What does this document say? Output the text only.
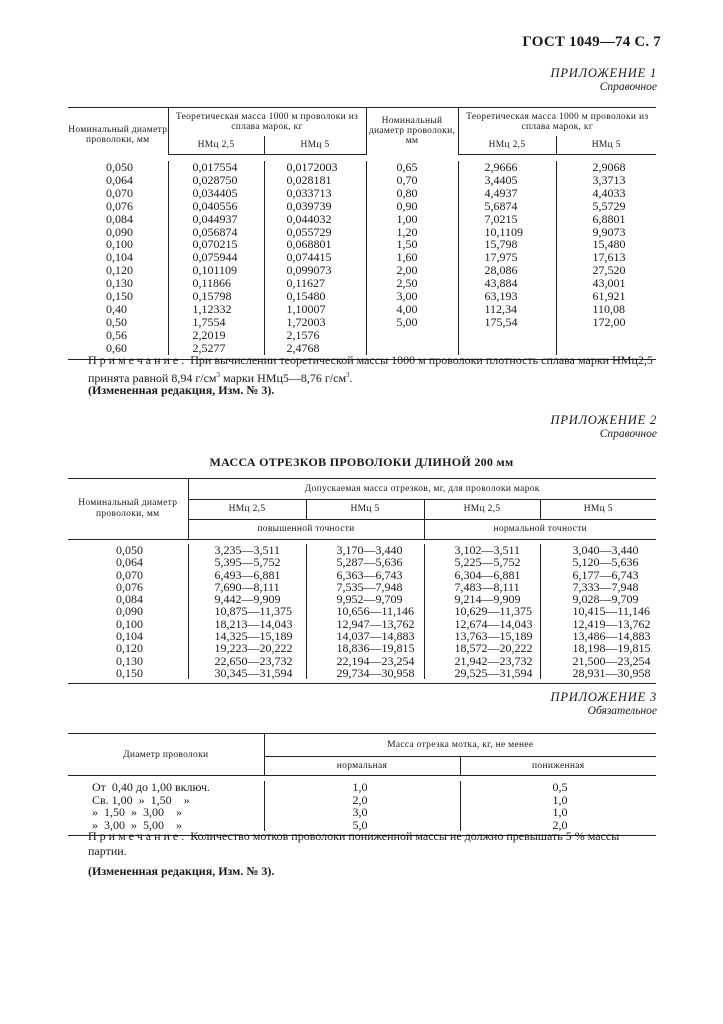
ГОСТ 1049—74 С. 7
ПРИЛОЖЕНИЕ 1
Справочное
Номинальный диаметр проволоки, мм	Теоретическая масса 1000 м проволоки из сплава марок, кг		Номинальный диаметр проволоки, мм	Теоретическая масса 1000 м проволоки из сплава марок, кг	
	НМц 2,5	НМц 5		НМц 2,5	НМц 5

0,050	0,017554	0,0172003	0,65	2,9666	2,9068
0,064	0,028750	0,028181	0,70	3,4405	3,3713
0,070	0,034405	0,033713	0,80	4,4937	4,4033
0,076	0,040556	0,039739	0,90	5,6874	5,5729
0,084	0,044937	0,044032	1,00	7,0215	6,8801
0,090	0,056874	0,055729	1,20	10,1109	9,9073
0,100	0,070215	0,068801	1,50	15,798	15,480
0,104	0,075944	0,074415	1,60	17,975	17,613
0,120	0,101109	0,099073	2,00	28,086	27,520
0,130	0,11866	0,11627	2,50	43,884	43,001
0,150	0,15798	0,15480	3,00	63,193	61,921
0,40	1,12332	1,10007	4,00	112,34	110,08
0,50	1,7554	1,72003	5,00	175,54	172,00
0,56	2,2019	2,1576			
0,60	2,5277	2,4768			

Примечание. При вычислении теоретической массы 1000 м проволоки плотность сплава марки НМц2,5 принята равной 8,94 $г/см^3$ марки НМц5—8,76 $г/см^3$.
(Измененная редакция, Изм. № 3).
ПРИЛОЖЕНИЕ 2
Справочное
МАССА ОТРЕЗКОВ ПРОВОЛОКИ ДЛИНОЙ 200 мм
Номинальный диаметр проволоки, мм	Допускаемая масса отрезков, мг, для проволоки марок			
	НМц 2,5	НМц 5	НМц 2,5	НМц 5
	повышенной точности		нормальной точности	

0,050	3,235—3,511	3,170—3,440	3,102—3,511	3,040—3,440
0,064	5,395—5,752	5,287—5,636	5,225—5,752	5,120—5,636
0,070	6,493—6,881	6,363—6,743	6,304—6,881	6,177—6,743
0,076	7,690—8,111	7,535—7,948	7,483—8,111	7,333—7,948
0,084	9,442—9,909	9,952—9,709	9,214—9,909	9,028—9,709
0,090	10,875—11,375	10,656—11,146	10,629—11,375	10,415—11,146
0,100	18,213—14,043	12,947—13,762	12,674—14,043	12,419—13,762
0,104	14,325—15,189	14,037—14,883	13,763—15,189	13,486—14,883
0,120	19,223—20,222	18,836—19,815	18,572—20,222	18,198—19,815
0,130	22,650—23,732	22,194—23,254	21,942—23,732	21,500—23,254
0,150	30,345—31,594	29,734—30,958	29,525—31,594	28,931—30,958

ПРИЛОЖЕНИЕ 3
Обязательное
Диаметр проволоки	Масса отрезка мотка, кг, не менее	
	нормальная	пониженная

От  0,40 до 1,00 включ.	1,0	0,5
Св. 1,00  »  1,50    »	2,0	1,0
»  1,50  »  3,00    »	3,0	1,0
»  3,00  »  5,00    »	5,0	2,0

Примечание. Количество мотков проволоки пониженной массы не должно превышать 5 % массы партии.
(Измененная редакция, Изм. № 3).
